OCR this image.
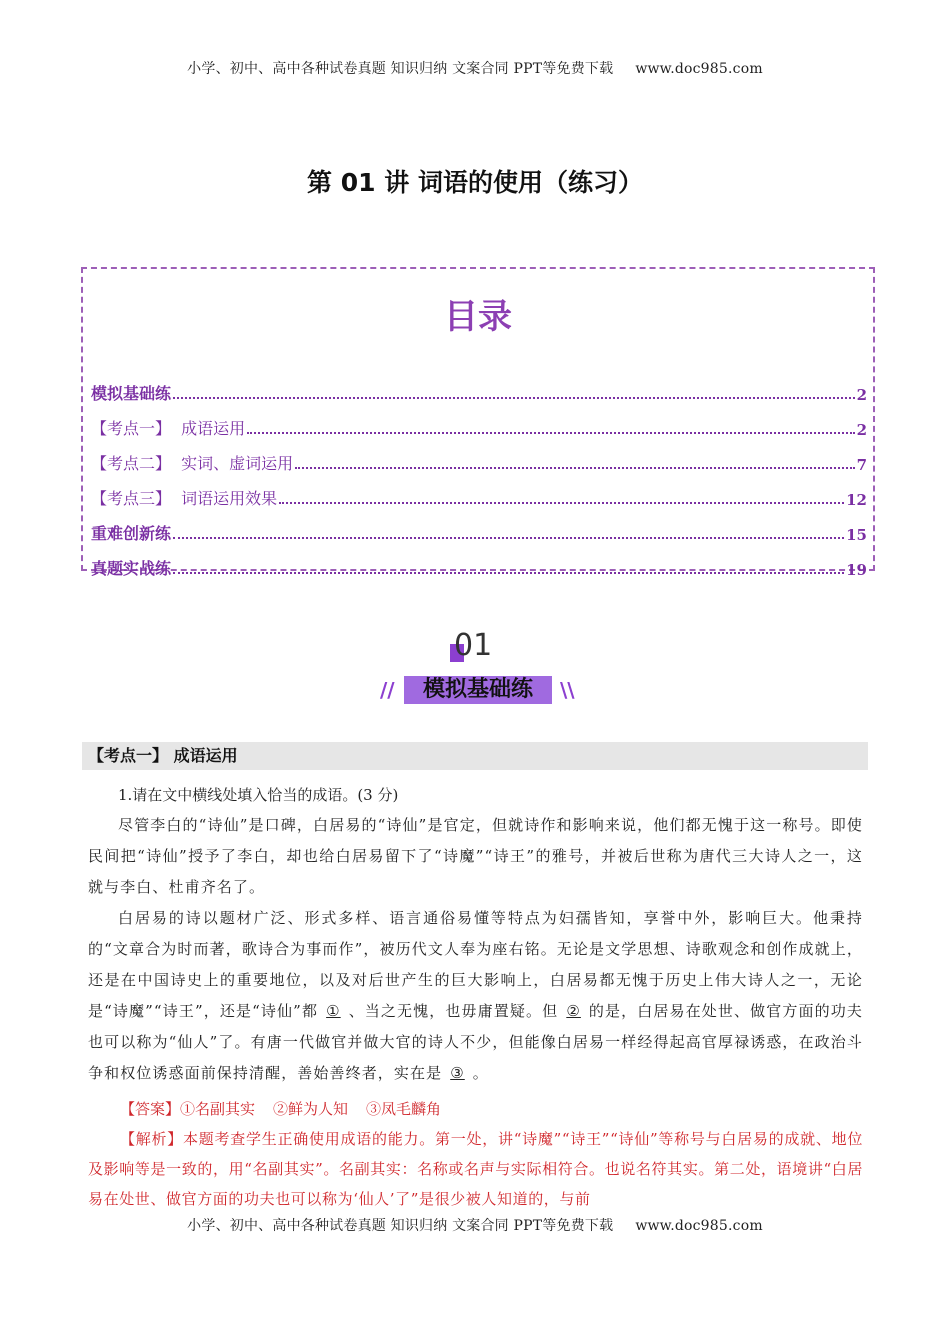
小学、初中、高中各种试卷真题 知识归纳 文案合同 PPT等免费下载 www.doc985.com
第 01 讲 词语的使用（练习）
目录
模拟基础练	2
【考点一】  成语运用	2
【考点二】  实词、虚词运用	7
【考点三】  词语运用效果	12
重难创新练	15
真题实战练	19
01
//	模拟基础练	\\
【考点一】 成语运用
1.请在文中横线处填入恰当的成语。(3 分)
尽管李白的“诗仙”是口碑，白居易的“诗仙”是官定，但就诗作和影响来说，他们都无愧于这一称号。即使民间把“诗仙”授予了李白，却也给白居易留下了“诗魔”“诗王”的雅号，并被后世称为唐代三大诗人之一，这就与李白、杜甫齐名了。
白居易的诗以题材广泛、形式多样、语言通俗易懂等特点为妇孺皆知，享誉中外，影响巨大。他秉持的“文章合为时而著，歌诗合为事而作”，被历代文人奉为座右铭。无论是文学思想、诗歌观念和创作成就上，还是在中国诗史上的重要地位，以及对后世产生的巨大影响上，白居易都无愧于历史上伟大诗人之一，无论是“诗魔”“诗王”，还是“诗仙”都 ① 、当之无愧，也毋庸置疑。但 ② 的是，白居易在处世、做官方面的功夫也可以称为“仙人”了。有唐一代做官并做大官的诗人不少，但能像白居易一样经得起高官厚禄诱惑，在政治斗争和权位诱惑面前保持清醒，善始善终者，实在是 ③ 。
【答案】①名副其实 ②鲜为人知 ③凤毛麟角
【解析】本题考查学生正确使用成语的能力。第一处，讲“诗魔”“诗王”“诗仙”等称号与白居易的成就、地位及影响等是一致的，用“名副其实”。名副其实：名称或名声与实际相符合。也说名符其实。第二处，语境讲“白居易在处世、做官方面的功夫也可以称为‘仙人’了”是很少被人知道的，与前
小学、初中、高中各种试卷真题 知识归纳 文案合同 PPT等免费下载 www.doc985.com
